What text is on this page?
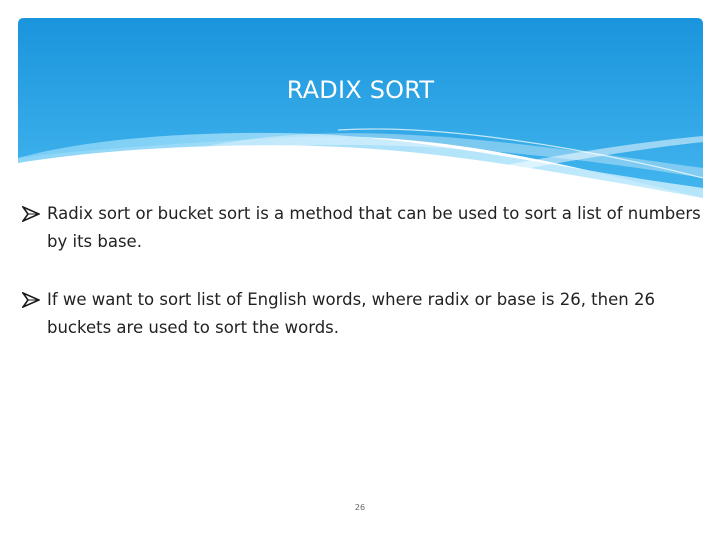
RADIX SORT
Radix sort or bucket sort is a method that can be used to sort a list of numbers by its base.
If we want to sort list of English words, where radix or base is 26, then 26 buckets are used to sort the words.
26
